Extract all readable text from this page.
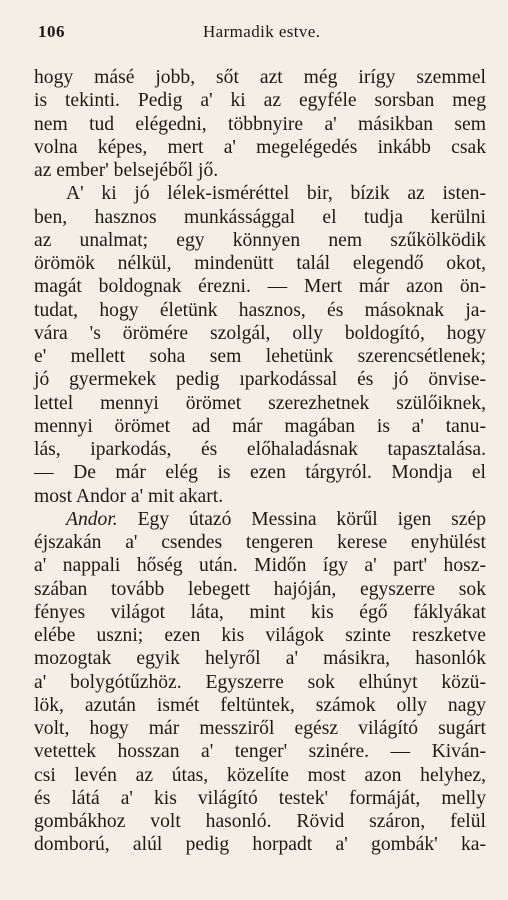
106	Harmadik estve.
hogy másé jobb, sőt azt még irígy szemmel
is tekinti. Pedig a' ki az egyféle sorsban meg
nem tud elégedni, többnyire a' másikban sem
volna képes, mert a' megelégedés inkább csak
az ember' belsejéből jő.
A' ki jó lélek-isméréttel bir, bízik az isten-
ben, hasznos munkássággal el tudja kerülni
az unalmat; egy könnyen nem szűkölködik
örömök nélkül, mindenütt talál elegendő okot,
magát boldognak érezni. — Mert már azon ön-
tudat, hogy életünk hasznos, és másoknak ja-
vára 's örömére szolgál, olly boldogító, hogy
e' mellett soha sem lehetünk szerencsétlenek;
jó gyermekek pedig ıparkodással és jó önvise-
lettel mennyi örömet szerezhetnek szülőiknek,
mennyi örömet ad már magában is a' tanu-
lás, iparkodás, és előhaladásnak tapasztalása.
— De már elég is ezen tárgyról. Mondja el
most Andor a' mit akart.
Andor. Egy útazó Messina körűl igen szép
éjszakán a' csendes tengeren kerese enyhülést
a' nappali hőség után. Midőn így a' part' hosz-
szában tovább lebegett hajóján, egyszerre sok
fényes világot láta, mint kis égő fáklyákat
elébe uszni; ezen kis világok szinte reszketve
mozogtak egyik helyről a' másikra, hasonlók
a' bolygótűzhöz. Egyszerre sok elhúnyt közü-
lök, azután ismét feltüntek, számok olly nagy
volt, hogy már messziről egész világító sugárt
vetettek hosszan a' tenger' szinére. — Kiván-
csi levén az útas, közelíte most azon helyhez,
és látá a' kis világító testek' formáját, melly
gombákhoz volt hasonló. Rövid száron, felül
domború, alúl pedig horpadt a' gombák' ka-
